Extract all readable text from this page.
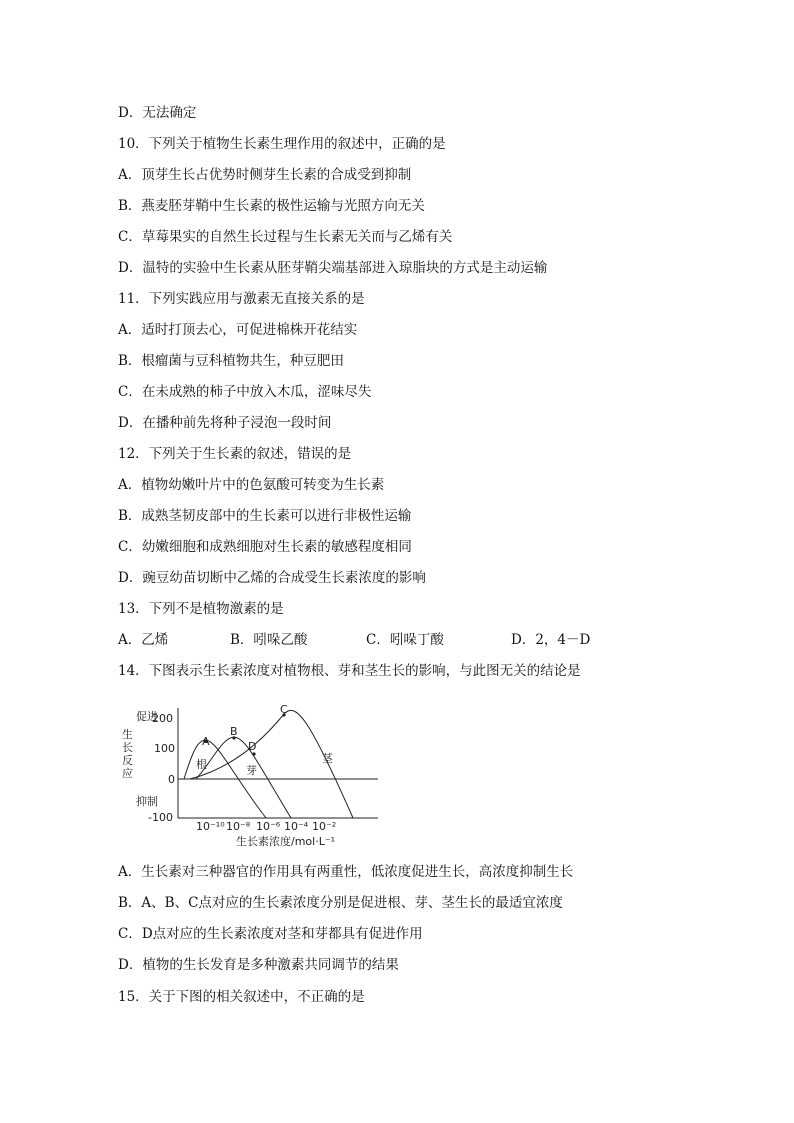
D．无法确定
10．下列关于植物生长素生理作用的叙述中，正确的是
A．顶芽生长占优势时侧芽生长素的合成受到抑制
B．燕麦胚芽鞘中生长素的极性运输与光照方向无关
C．草莓果实的自然生长过程与生长素无关而与乙烯有关
D．温特的实验中生长素从胚芽鞘尖端基部进入琼脂块的方式是主动运输
11．下列实践应用与激素无直接关系的是
A．适时打顶去心，可促进棉株开花结实
B．根瘤菌与豆科植物共生，种豆肥田
C．在未成熟的柿子中放入木瓜，涩味尽失
D．在播种前先将种子浸泡一段时间
12．下列关于生长素的叙述，错误的是
A．植物幼嫩叶片中的色氨酸可转变为生长素
B．成熟茎韧皮部中的生长素可以进行非极性运输
C．幼嫩细胞和成熟细胞对生长素的敏感程度相同
D．豌豆幼苗切断中乙烯的合成受生长素浓度的影响
13．下列不是植物激素的是
A．乙烯	B．吲哚乙酸	C．吲哚丁酸	D．2，4－D
14．下图表示生长素浓度对植物根、芽和茎生长的影响，与此图无关的结论是
促进
抑制
生长反应
200
100
0
-100
10⁻¹⁰ 10⁻⁸ 10⁻⁶ 10⁻⁴ 10⁻²
生长素浓度/mol·L⁻¹
A
B
C
D
根	芽
茎
A．生长素对三种器官的作用具有两重性，低浓度促进生长，高浓度抑制生长
B．A、B、C点对应的生长素浓度分别是促进根、芽、茎生长的最适宜浓度
C．D点对应的生长素浓度对茎和芽都具有促进作用
D．植物的生长发育是多种激素共同调节的结果
15．关于下图的相关叙述中，不正确的是
